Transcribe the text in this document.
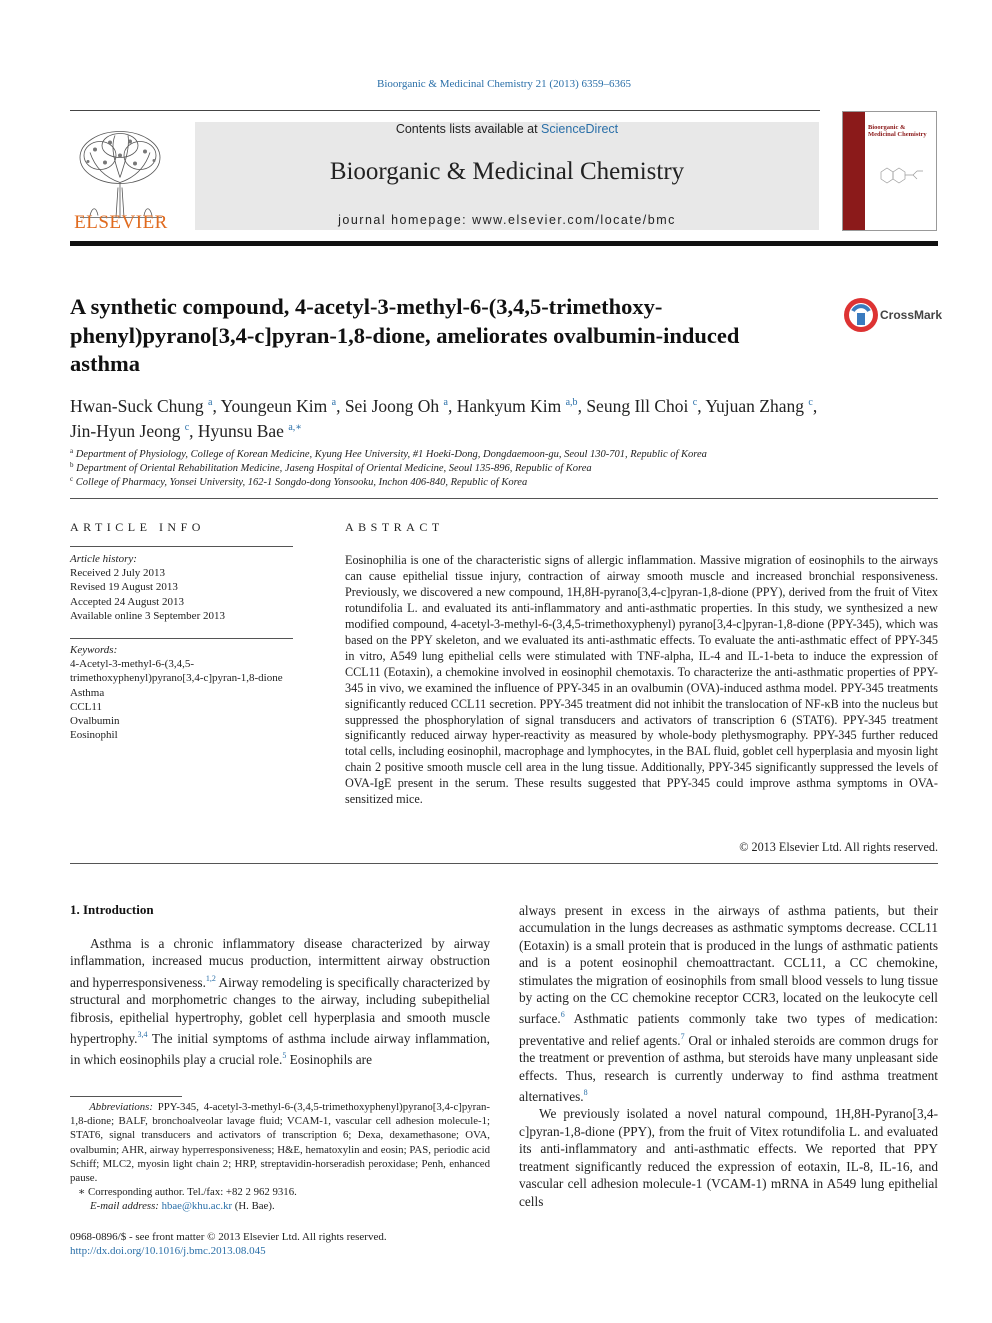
Bioorganic & Medicinal Chemistry 21 (2013) 6359–6365
ELSEVIER
Contents lists available at ScienceDirect
Bioorganic & Medicinal Chemistry
journal homepage: www.elsevier.com/locate/bmc
Bioorganic & Medicinal Chemistry
A synthetic compound, 4-acetyl-3-methyl-6-(3,4,5-trimethoxy-phenyl)pyrano[3,4-c]pyran-1,8-dione, ameliorates ovalbumin-induced asthma
CrossMark
Hwan-Suck Chung $^a$, Youngeun Kim $^a$, Sei Joong Oh $^a$, Hankyum Kim $^{a,b}$, Seung Ill Choi $^c$, Yujuan Zhang $^c$,
Jin-Hyun Jeong $^c$, Hyunsu Bae $^{a,∗}$
$^a$ Department of Physiology, College of Korean Medicine, Kyung Hee University, #1 Hoeki-Dong, Dongdaemoon-gu, Seoul 130-701, Republic of Korea
$^b$ Department of Oriental Rehabilitation Medicine, Jaseng Hospital of Oriental Medicine, Seoul 135-896, Republic of Korea
$^c$ College of Pharmacy, Yonsei University, 162-1 Songdo-dong Yonsooku, Inchon 406-840, Republic of Korea
ARTICLE INFO
Article history:
Received 2 July 2013
Revised 19 August 2013
Accepted 24 August 2013
Available online 3 September 2013
Keywords:
4-Acetyl-3-methyl-6-(3,4,5-trimethoxyphenyl)pyrano[3,4-c]pyran-1,8-dione
Asthma
CCL11
Ovalbumin
Eosinophil
ABSTRACT
Eosinophilia is one of the characteristic signs of allergic inflammation. Massive migration of eosinophils to the airways can cause epithelial tissue injury, contraction of airway smooth muscle and increased bronchial responsiveness. Previously, we discovered a new compound, 1H,8H-pyrano[3,4-c]pyran-1,8-dione (PPY), derived from the fruit of Vitex rotundifolia L. and evaluated its anti-inflammatory and anti-asthmatic properties. In this study, we synthesized a new modified compound, 4-acetyl-3-methyl-6-(3,4,5-trimethoxyphenyl) pyrano[3,4-c]pyran-1,8-dione (PPY-345), which was based on the PPY skeleton, and we evaluated its anti-asthmatic effects. To evaluate the anti-asthmatic effect of PPY-345 in vitro, A549 lung epithelial cells were stimulated with TNF-alpha, IL-4 and IL-1-beta to induce the expression of CCL11 (Eotaxin), a chemokine involved in eosinophil chemotaxis. To characterize the anti-asthmatic properties of PPY-345 in vivo, we examined the influence of PPY-345 in an ovalbumin (OVA)-induced asthma model. PPY-345 treatments significantly reduced CCL11 secretion. PPY-345 treatment did not inhibit the translocation of NF-κB into the nucleus but suppressed the phosphorylation of signal transducers and activators of transcription 6 (STAT6). PPY-345 treatment significantly reduced airway hyper-reactivity as measured by whole-body plethysmography. PPY-345 further reduced total cells, including eosinophil, macrophage and lymphocytes, in the BAL fluid, goblet cell hyperplasia and myosin light chain 2 positive smooth muscle cell area in the lung tissue. Additionally, PPY-345 significantly suppressed the levels of OVA-IgE present in the serum. These results suggested that PPY-345 could improve asthma symptoms in OVA-sensitized mice.
© 2013 Elsevier Ltd. All rights reserved.
1. Introduction
Asthma is a chronic inflammatory disease characterized by airway inflammation, increased mucus production, intermittent airway obstruction and hyperresponsiveness.$^{1,2}$ Airway remodeling is specifically characterized by structural and morphometric changes to the airway, including subepithelial fibrosis, epithelial hypertrophy, goblet cell hyperplasia and smooth muscle hypertrophy.$^{3,4}$ The initial symptoms of asthma include airway inflammation, in which eosinophils play a crucial role.$^5$ Eosinophils are
always present in excess in the airways of asthma patients, but their accumulation in the lungs decreases as asthmatic symptoms decrease. CCL11 (Eotaxin) is a small protein that is produced in the lungs of asthmatic patients and is a potent eosinophil chemoattractant. CCL11, a CC chemokine, stimulates the migration of eosinophils from small blood vessels to lung tissue by acting on the CC chemokine receptor CCR3, located on the leukocyte cell surface.$^6$ Asthmatic patients commonly take two types of medication: preventative and relief agents.$^7$ Oral or inhaled steroids are common drugs for the treatment or prevention of asthma, but steroids have many unpleasant side effects. Thus, research is currently underway to find asthma treatment alternatives.$^8$
We previously isolated a novel natural compound, 1H,8H-Pyrano[3,4-c]pyran-1,8-dione (PPY), from the fruit of Vitex rotundifolia L. and evaluated its anti-inflammatory and anti-asthmatic effects. We reported that PPY treatment significantly reduced the expression of eotaxin, IL-8, IL-16, and vascular cell adhesion molecule-1 (VCAM-1) mRNA in A549 lung epithelial cells
Abbreviations: PPY-345, 4-acetyl-3-methyl-6-(3,4,5-trimethoxyphenyl)pyrano[3,4-c]pyran-1,8-dione; BALF, bronchoalveolar lavage fluid; VCAM-1, vascular cell adhesion molecule-1; STAT6, signal transducers and activators of transcription 6; Dexa, dexamethasone; OVA, ovalbumin; AHR, airway hyperresponsiveness; H&E, hematoxylin and eosin; PAS, periodic acid Schiff; MLC2, myosin light chain 2; HRP, streptavidin-horseradish peroxidase; Penh, enhanced pause.
∗ Corresponding author. Tel./fax: +82 2 962 9316.
E-mail address: hbae@khu.ac.kr (H. Bae).
0968-0896/$ - see front matter © 2013 Elsevier Ltd. All rights reserved.
http://dx.doi.org/10.1016/j.bmc.2013.08.045
